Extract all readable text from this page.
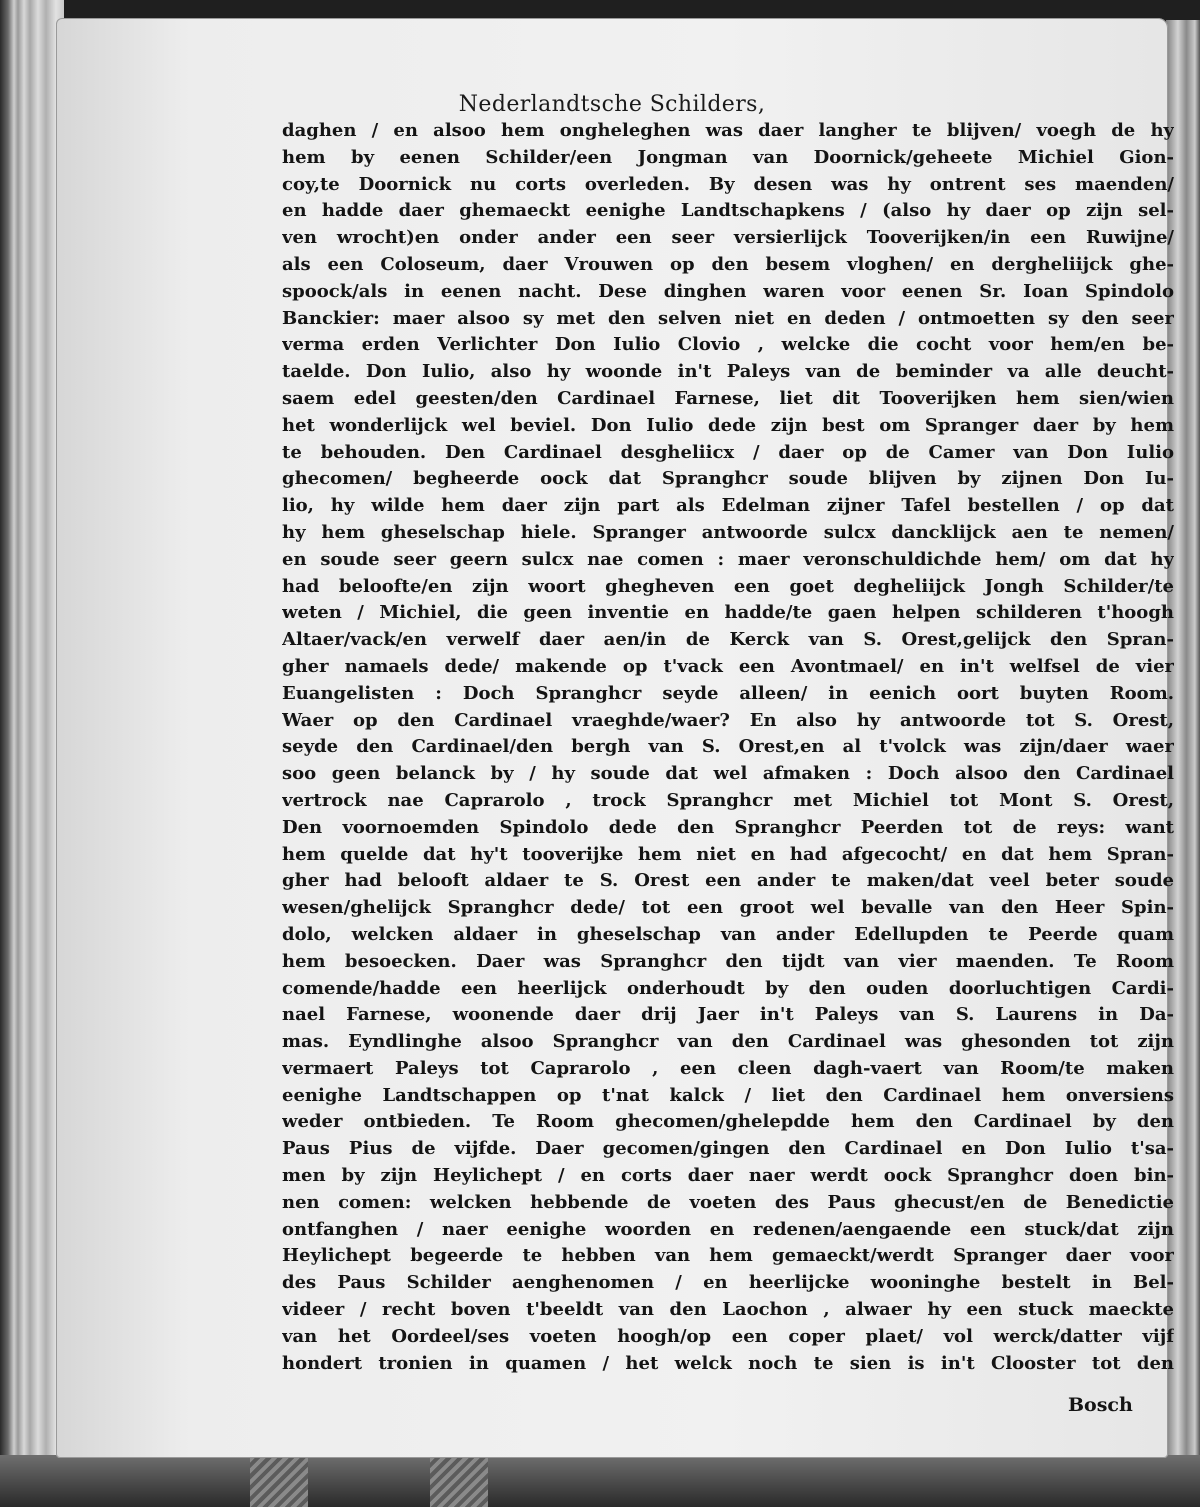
Nederlandtsche Schilders,
daghen / en alsoo hem ongheleghen was daer langher te blijven/ voegh de hy
hem by eenen Schilder/een Jongman van Doornick/geheete Michiel Gion-
coy,te Doornick nu corts overleden. By desen was hy ontrent ses maenden/
en hadde daer ghemaeckt eenighe Landtschapkens / (also hy daer op zijn sel-
ven wrocht)en onder ander een seer versierlijck Tooverijken/in een Ruwijne/
als een Coloseum, daer Vrouwen op den besem vloghen/ en dergheliijck ghe-
spoock/als in eenen nacht. Dese dinghen waren voor eenen Sr. Ioan Spindolo
Banckier: maer alsoo sy met den selven niet en deden / ontmoetten sy den seer
verma erden Verlichter Don Iulio Clovio , welcke die cocht voor hem/en be-
taelde. Don Iulio, also hy woonde in't Paleys van de beminder va alle deucht-
saem edel geesten/den Cardinael Farnese, liet dit Tooverijken hem sien/wien
het wonderlijck wel beviel. Don Iulio dede zijn best om Spranger daer by hem
te behouden. Den Cardinael desgheliicx / daer op de Camer van Don Iulio
ghecomen/ begheerde oock dat Spranghcr soude blijven by zijnen Don Iu-
lio, hy wilde hem daer zijn part als Edelman zijner Tafel bestellen / op dat
hy hem gheselschap hiele. Spranger antwoorde sulcx dancklijck aen te nemen/
en soude seer geern sulcx nae comen : maer veronschuldichde hem/ om dat hy
had beloofte/en zijn woort ghegheven een goet degheliijck Jongh Schilder/te
weten / Michiel, die geen inventie en hadde/te gaen helpen schilderen t'hoogh
Altaer/vack/en verwelf daer aen/in de Kerck van S. Orest,gelijck den Spran-
gher namaels dede/ makende op t'vack een Avontmael/ en in't welfsel de vier
Euangelisten : Doch Spranghcr seyde alleen/ in eenich oort buyten Room.
Waer op den Cardinael vraeghde/waer? En also hy antwoorde tot S. Orest,
seyde den Cardinael/den bergh van S. Orest,en al t'volck was zijn/daer waer
soo geen belanck by / hy soude dat wel afmaken : Doch alsoo den Cardinael
vertrock nae Caprarolo , trock Spranghcr met Michiel tot Mont S. Orest,
Den voornoemden Spindolo dede den Spranghcr Peerden tot de reys: want
hem quelde dat hy't tooverijke hem niet en had afgecocht/ en dat hem Spran-
gher had belooft aldaer te S. Orest een ander te maken/dat veel beter soude
wesen/ghelijck Spranghcr dede/ tot een groot wel bevalle van den Heer Spin-
dolo, welcken aldaer in gheselschap van ander Edellupden te Peerde quam
hem besoecken. Daer was Spranghcr den tijdt van vier maenden. Te Room
comende/hadde een heerlijck onderhoudt by den ouden doorluchtigen Cardi-
nael Farnese, woonende daer drij Jaer in't Paleys van S. Laurens in Da-
mas. Eyndlinghe alsoo Spranghcr van den Cardinael was ghesonden tot zijn
vermaert Paleys tot Caprarolo , een cleen dagh-vaert van Room/te maken
eenighe Landtschappen op t'nat kalck / liet den Cardinael hem onversiens
weder ontbieden. Te Room ghecomen/ghelepdde hem den Cardinael by den
Paus Pius de vijfde. Daer gecomen/gingen den Cardinael en Don Iulio t'sa-
men by zijn Heylichept / en corts daer naer werdt oock Spranghcr doen bin-
nen comen: welcken hebbende de voeten des Paus ghecust/en de Benedictie
ontfanghen / naer eenighe woorden en redenen/aengaende een stuck/dat zijn
Heylichept begeerde te hebben van hem gemaeckt/werdt Spranger daer voor
des Paus Schilder aenghenomen / en heerlijcke wooninghe bestelt in Bel-
videer / recht boven t'beeldt van den Laochon , alwaer hy een stuck maeckte
van het Oordeel/ses voeten hoogh/op een coper plaet/ vol werck/datter vijf
hondert tronien in quamen / het welck noch te sien is in't Clooster tot den
Bosch
